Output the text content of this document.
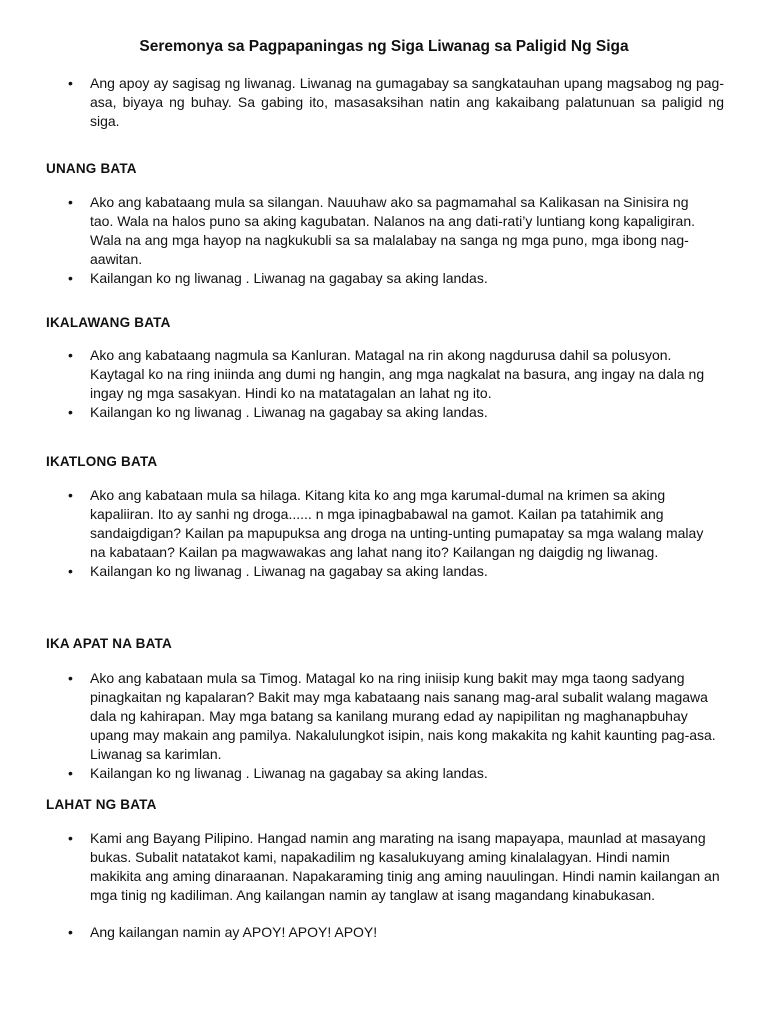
Seremonya sa Pagpapaningas ng Siga Liwanag sa Paligid Ng Siga
• Ang apoy ay sagisag ng liwanag. Liwanag na gumagabay sa sangkatauhan upang magsabog ng pag-asa, biyaya ng buhay. Sa gabing ito, masasaksihan natin ang kakaibang palatunuan sa paligid ng siga.
UNANG BATA
• Ako ang kabataang mula sa silangan. Nauuhaw ako sa pagmamahal sa Kalikasan na Sinisira ng tao. Wala na halos puno sa aking kagubatan. Nalanos na ang dati-rati’y luntiang kong kapaligiran. Wala na ang mga hayop na nagkukubli sa sa malalabay na sanga ng mga puno, mga ibong nag-aawitan.
• Kailangan ko ng liwanag . Liwanag na gagabay sa aking landas.
IKALAWANG BATA
• Ako ang kabataang nagmula sa Kanluran. Matagal na rin akong nagdurusa dahil sa polusyon. Kaytagal ko na ring iniinda ang dumi ng hangin, ang mga nagkalat na basura, ang ingay na dala ng ingay ng mga sasakyan. Hindi ko na matatagalan an lahat ng ito.
• Kailangan ko ng liwanag . Liwanag na gagabay sa aking landas.
IKATLONG BATA
• Ako ang kabataan mula sa hilaga. Kitang kita ko ang mga karumal-dumal na krimen sa aking kapaliiran. Ito ay sanhi ng droga...... n mga ipinagbabawal na gamot. Kailan pa tatahimik ang sandaigdigan? Kailan pa mapupuksa ang droga na unting-unting pumapatay sa mga walang malay na kabataan? Kailan pa magwawakas ang lahat nang ito? Kailangan ng daigdig ng liwanag.
• Kailangan ko ng liwanag . Liwanag na gagabay sa aking landas.
IKA APAT NA BATA
• Ako ang kabataan mula sa Timog. Matagal ko na ring iniisip kung bakit may mga taong sadyang pinagkaitan ng kapalaran? Bakit may mga kabataang nais sanang mag-aral subalit walang magawa dala ng kahirapan. May mga batang sa kanilang murang edad ay napipilitan ng maghanapbuhay upang may makain ang pamilya. Nakalulungkot isipin, nais kong makakita ng kahit kaunting pag-asa. Liwanag sa karimlan.
• Kailangan ko ng liwanag . Liwanag na gagabay sa aking landas.
LAHAT NG BATA
• Kami ang Bayang Pilipino. Hangad namin ang marating na isang mapayapa, maunlad at masayang bukas. Subalit natatakot kami, napakadilim ng kasalukuyang aming kinalalagyan. Hindi namin makikita ang aming dinaraanan. Napakaraming tinig ang aming nauulingan. Hindi namin kailangan an mga tinig ng kadiliman. Ang kailangan namin ay tanglaw at isang magandang kinabukasan.
• Ang kailangan namin ay APOY! APOY! APOY!
